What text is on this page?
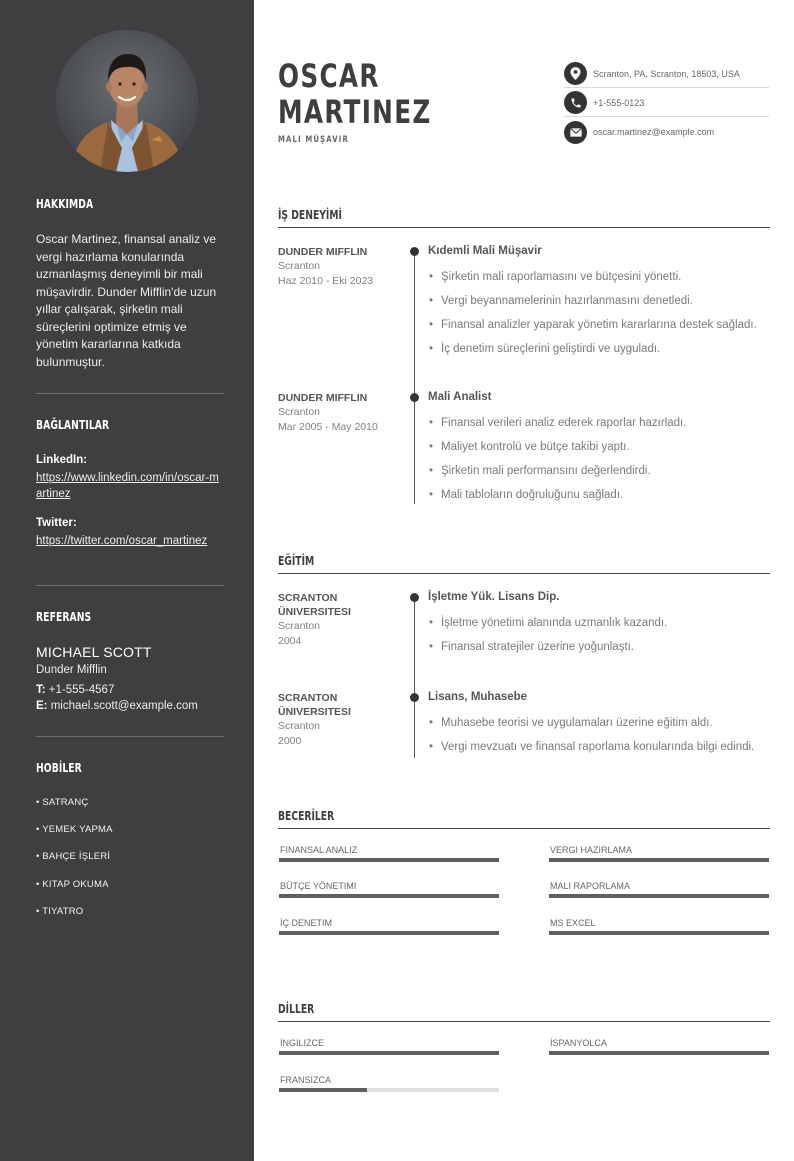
HAKKIMDA

Oscar Martinez, finansal analiz ve vergi hazırlama konularında uzmanlaşmış deneyimli bir mali müşavirdir. Dunder Mifflin'de uzun yıllar çalışarak, şirketin mali süreçlerini optimize etmiş ve yönetim kararlarına katkıda bulunmuştur.

BAĞLANTILAR
LinkedIn:
https://www.linkedin.com/in/oscar-martinez
Twitter:
https://twitter.com/oscar_martinez
REFERANS
MICHAEL SCOTT
Dunder Mifflin
T: +1-555-4567
E: michael.scott@example.com
HOBİLER
• SATRANÇ
• YEMEK YAPMA
• BAHÇE İŞLERİ
• KITAP OKUMA
• TIYATRO
OSCAR
MARTINEZ
MALI MÜŞAVIR
Scranton, PA, Scranton, 18503, USA
+1-555-0123
oscar.martinez@example.com
İŞ DENEYİMİ
DUNDER MIFFLIN
Scranton
Haz 2010 - Eki 2023
Kıdemli Mali Müşavir
• Şirketin mali raporlamasını ve bütçesini yönetti.
• Vergi beyannamelerinin hazırlanmasını denetledi.
• Finansal analizler yaparak yönetim kararlarına destek sağladı.
• İç denetim süreçlerini geliştirdi ve uyguladı.
DUNDER MIFFLIN
Scranton
Mar 2005 - May 2010
Mali Analist
• Finansal verileri analiz ederek raporlar hazırladı.
• Maliyet kontrolü ve bütçe takibi yaptı.
• Şirketin mali performansını değerlendirdi.
• Mali tabloların doğruluğunu sağladı.
EĞİTİM
SCRANTON
ÜNIVERSITESI
Scranton
2004
İşletme Yük. Lisans Dip.
• İşletme yönetimi alanında uzmanlık kazandı.
• Finansal stratejiler üzerine yoğunlaştı.
SCRANTON
ÜNIVERSITESI
Scranton
2000
Lisans, Muhasebe
• Muhasebe teorisi ve uygulamaları üzerine eğitim aldı.
• Vergi mevzuatı ve finansal raporlama konularında bilgi edindi.
BECERİLER
FINANSAL ANALIZ	VERGI HAZIRLAMA
BÜTÇE YÖNETIMI	MALI RAPORLAMA
İÇ DENETIM	MS EXCEL
DİLLER
İNGILIZCE	İSPANYOLCA
FRANSIZCA
